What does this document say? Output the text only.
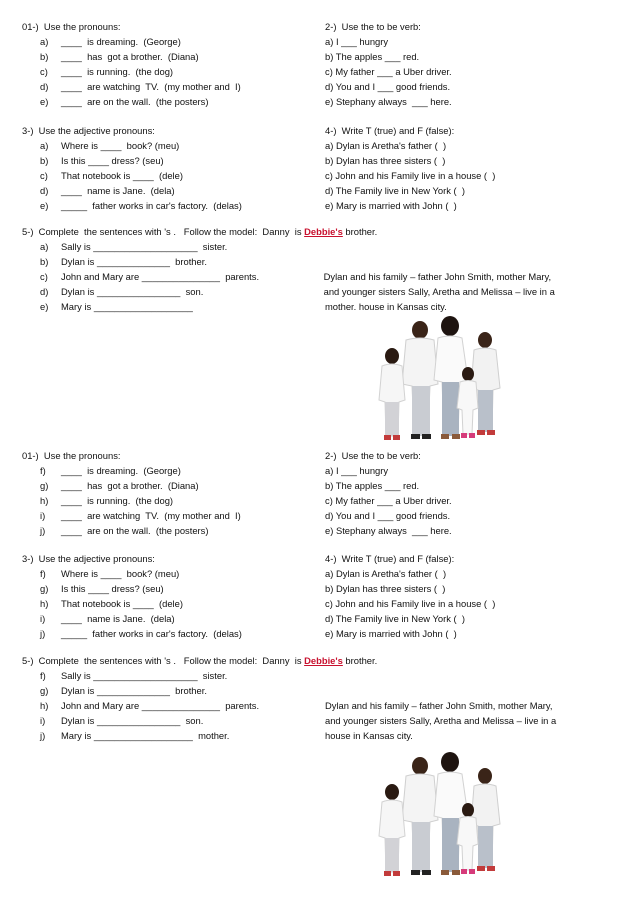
01-)  Use the pronouns:
a) ____  is dreaming.  (George)
b) ____  has  got a brother.  (Diana)
c) ____  is running.  (the dog)
d) ____  are watching  TV.  (my mother and  I)
e) ____  are on the wall.  (the posters)
2-)  Use the to be verb:
a) I ___ hungry
b) The apples ___ red.
c) My father ___ a Uber driver.
d) You and I ___ good friends.
e) Stephany always  ___ here.
3-)  Use the adjective pronouns:
a) Where is ____  book? (meu)
b) Is this ____ dress? (seu)
c) That notebook is ____  (dele)
d) ____  name is Jane.  (dela)
e) _____  father works in car's factory.  (delas)
4-)  Write T (true) and F (false):
a) Dylan is Aretha's father (  )
b) Dylan has three sisters (  )
c) John and his Family live in a house (  )
d) The Family live in New York (  )
e) Mary is married with John (  )
5-)  Complete  the sentences with 's .   Follow the model:  Danny  is Debbie's brother.
a) Sally is ____________________  sister.
b) Dylan is ______________  brother.
c) John and Mary are _______________  parents.
d) Dylan is ________________  son.
e) Mary is ___________________
Dylan and his family – father John Smith, mother Mary,
and younger sisters Sally, Aretha and Melissa – live in a
mother. house in Kansas city.
01-)  Use the pronouns:
f) ____  is dreaming.  (George)
g) ____  has  got a brother.  (Diana)
h) ____  is running.  (the dog)
i) ____  are watching  TV.  (my mother and  I)
j) ____  are on the wall.  (the posters)
2-)  Use the to be verb:
a) I ___ hungry
b) The apples ___ red.
c) My father ___ a Uber driver.
d) You and I ___ good friends.
e) Stephany always  ___ here.
3-)  Use the adjective pronouns:
f) Where is ____  book? (meu)
g) Is this ____ dress? (seu)
h) That notebook is ____  (dele)
i) ____  name is Jane.  (dela)
j) _____  father works in car's factory.  (delas)
4-)  Write T (true) and F (false):
a) Dylan is Aretha's father (  )
b) Dylan has three sisters (  )
c) John and his Family live in a house (  )
d) The Family live in New York (  )
e) Mary is married with John (  )
5-)  Complete  the sentences with 's .   Follow the model:  Danny  is Debbie's brother.
f) Sally is ____________________  sister.
g) Dylan is ______________  brother.
h) John and Mary are _______________  parents.
i) Dylan is ________________  son.
j) Mary is ___________________  mother.
Dylan and his family – father John Smith, mother Mary,
and younger sisters Sally, Aretha and Melissa – live in a
house in Kansas city.
